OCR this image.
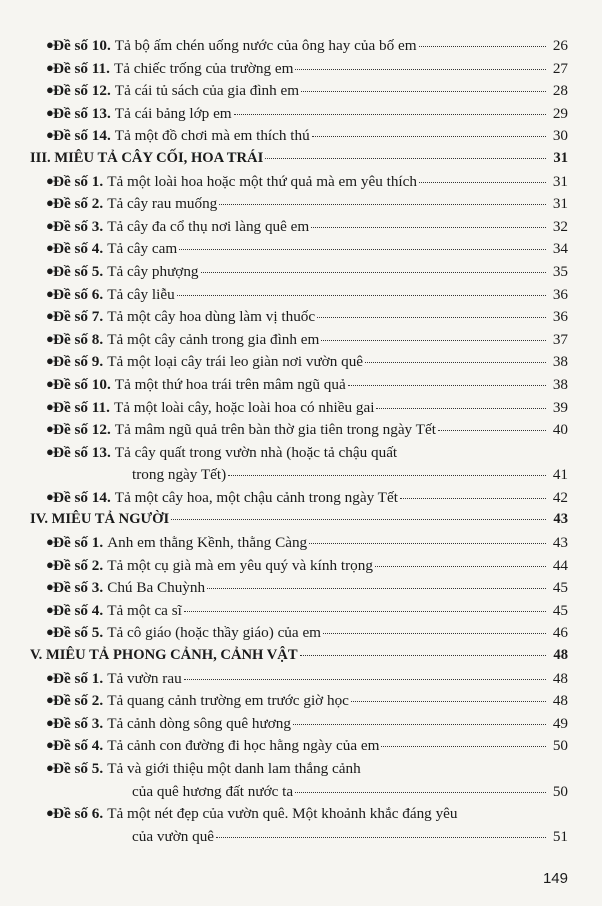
● Đề số 10. Tả bộ ấm chén uống nước của ông hay của bố em	26
● Đề số 11. Tả chiếc trống của trường em	27
● Đề số 12. Tả cái tủ sách của gia đình em	28
● Đề số 13. Tả cái bảng lớp em	29
● Đề số 14. Tả một đồ chơi mà em thích thú	30
III. MIÊU TẢ CÂY CỐI, HOA TRÁI	31
● Đề số 1. Tả một loài hoa hoặc một thứ quả mà em yêu thích	31
● Đề số 2. Tả cây rau muống	31
● Đề số 3. Tả cây đa cổ thụ nơi làng quê em	32
● Đề số 4. Tả cây cam	34
● Đề số 5. Tả cây phượng	35
● Đề số 6. Tả cây liễu	36
● Đề số 7. Tả một cây hoa dùng làm vị thuốc	36
● Đề số 8. Tả một cây cảnh trong gia đình em	37
● Đề số 9. Tả một loại cây trái leo giàn nơi vườn quê	38
● Đề số 10. Tả một thứ hoa trái trên mâm ngũ quả	38
● Đề số 11. Tả một loài cây, hoặc loài hoa có nhiều gai	39
● Đề số 12. Tả mâm ngũ quả trên bàn thờ gia tiên trong ngày Tết	40
● Đề số 13. Tả cây quất trong vườn nhà (hoặc tả chậu quất
trong ngày Tết)	41
● Đề số 14. Tả một cây hoa, một chậu cảnh trong ngày Tết	42
IV. MIÊU TẢ NGƯỜI	43
● Đề số 1. Anh em thằng Kềnh, thằng Càng	43
● Đề số 2. Tả một cụ già mà em yêu quý và kính trọng	44
● Đề số 3. Chú Ba Chuỳnh	45
● Đề số 4. Tả một ca sĩ	45
● Đề số 5. Tả cô giáo (hoặc thầy giáo) của em	46
V. MIÊU TẢ PHONG CẢNH, CẢNH VẬT	48
● Đề số 1. Tả vườn rau	48
● Đề số 2. Tả quang cảnh trường em trước giờ học	48
● Đề số 3. Tả cảnh dòng sông quê hương	49
● Đề số 4. Tả cảnh con đường đi học hằng ngày của em	50
● Đề số 5. Tả và giới thiệu một danh lam thắng cảnh
của quê hương đất nước ta	50
● Đề số 6. Tả một nét đẹp của vườn quê. Một khoảnh khắc đáng yêu
của vườn quê	51
149
